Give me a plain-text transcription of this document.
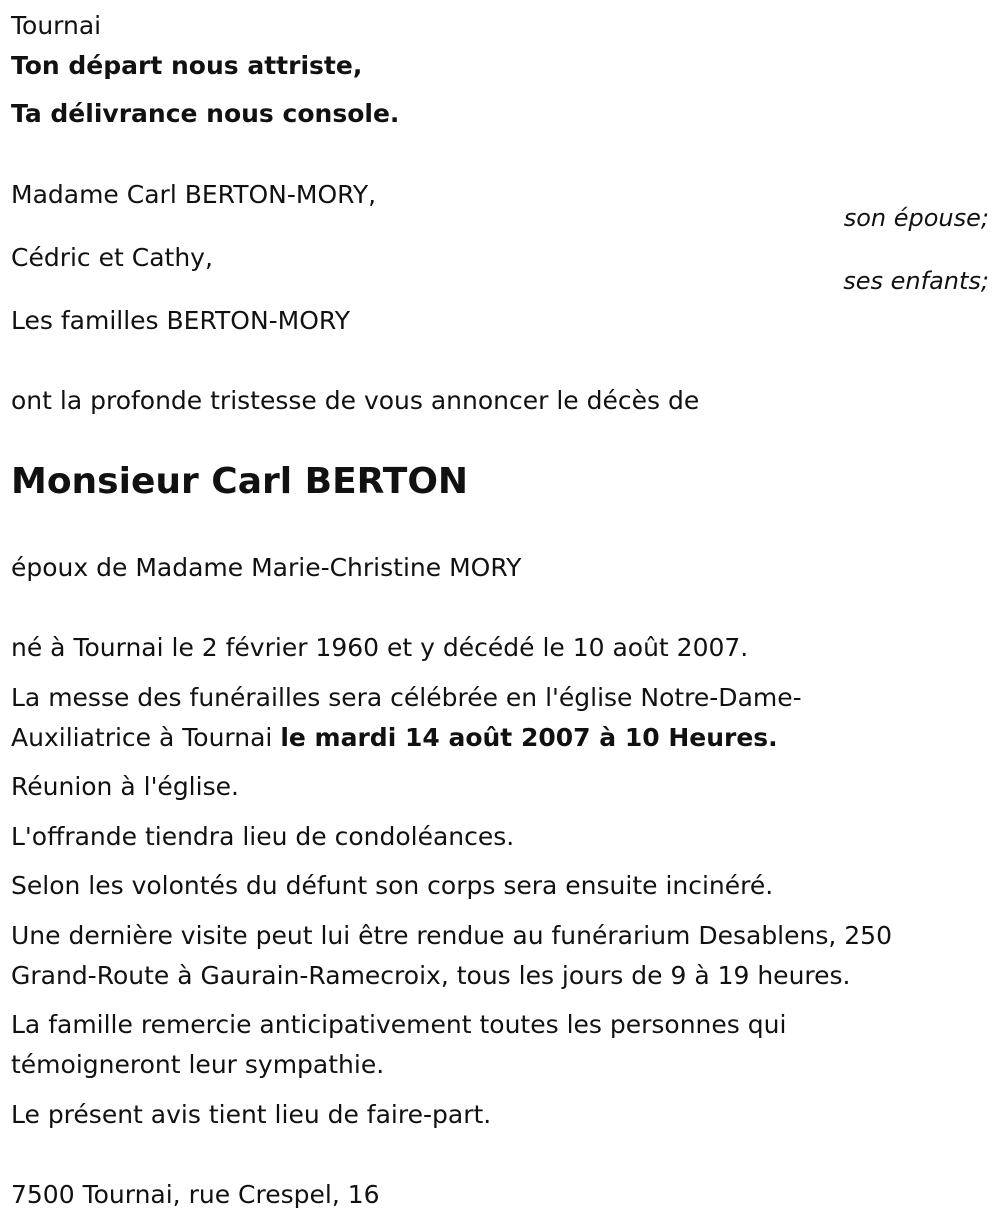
Tournai
Ton départ nous attriste,
Ta délivrance nous console.
Madame Carl BERTON-MORY,
son épouse;
Cédric et Cathy,
ses enfants;
Les familles BERTON-MORY
ont la profonde tristesse de vous annoncer le décès de
Monsieur Carl BERTON
époux de Madame Marie-Christine MORY
né à Tournai le 2 février 1960 et y décédé le 10 août 2007.
La messe des funérailles sera célébrée en l'église Notre-Dame-Auxiliatrice à Tournai le mardi 14 août 2007 à 10 Heures.
Réunion à l'église.
L'offrande tiendra lieu de condoléances.
Selon les volontés du défunt son corps sera ensuite incinéré.
Une dernière visite peut lui être rendue au funérarium Desablens, 250 Grand-Route à Gaurain-Ramecroix, tous les jours de 9 à 19 heures.
La famille remercie anticipativement toutes les personnes qui témoigneront leur sympathie.
Le présent avis tient lieu de faire-part.
7500 Tournai, rue Crespel, 16
